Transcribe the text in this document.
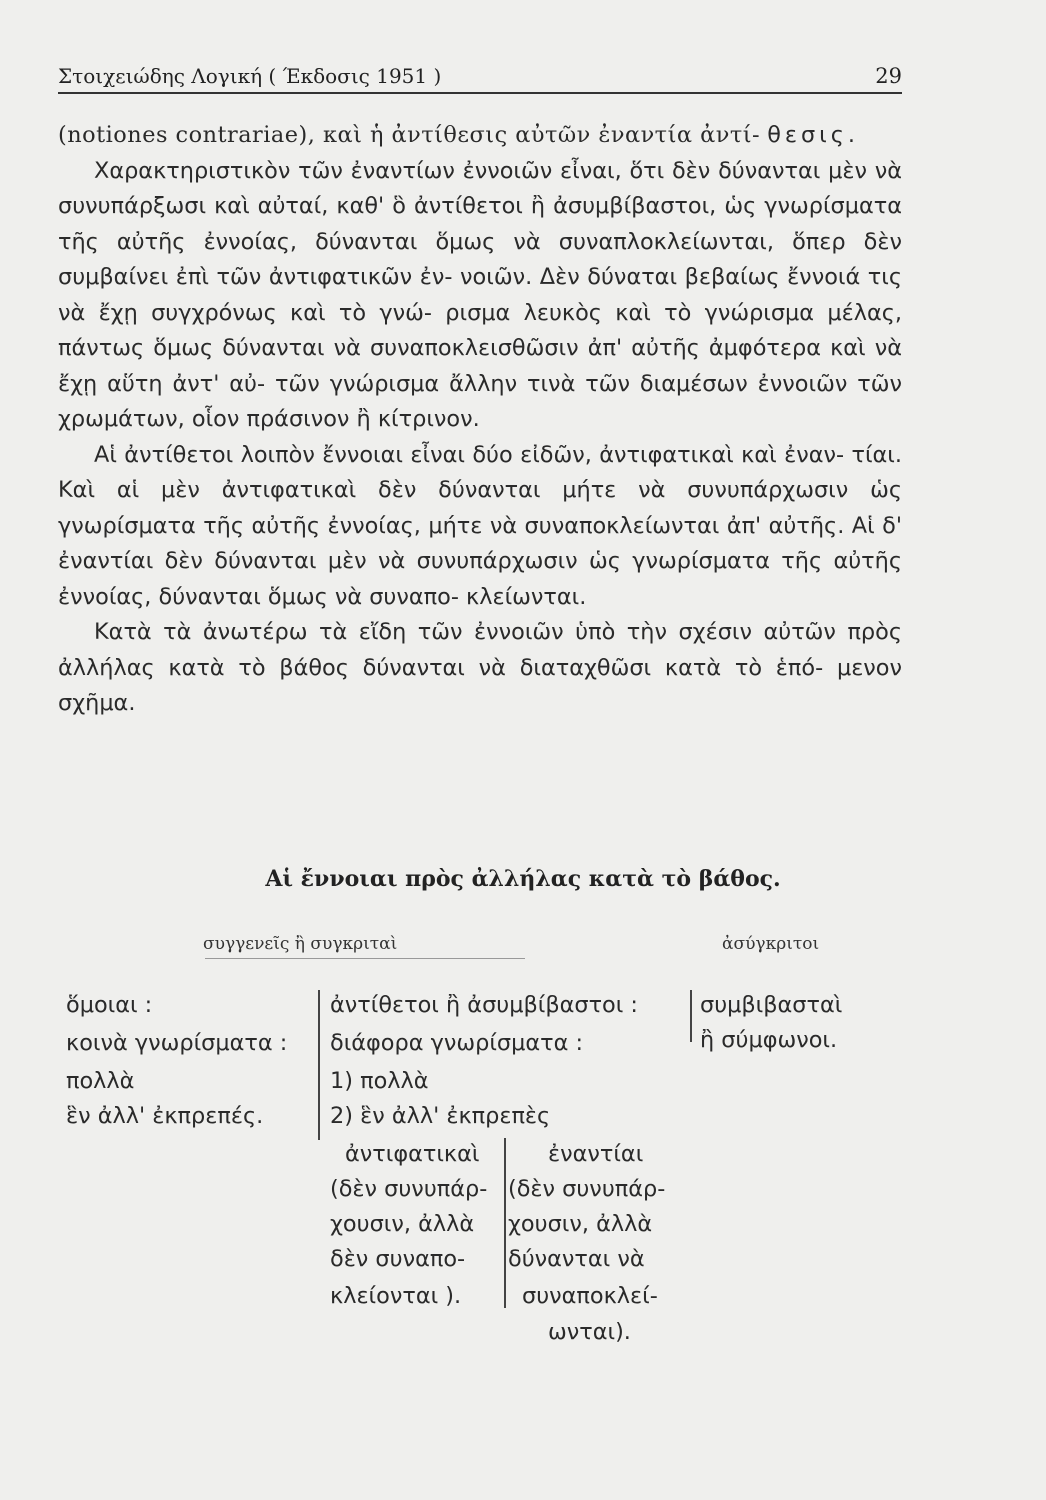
Στοιχειώδης Λογική ( Έκδοσις 1951 )	29

(notiones contrariae), καὶ ἡ ἀντίθεσις αὐτῶν ἐναντία ἀντί- θεσις.

Χαρακτηριστικὸν τῶν ἐναντίων ἐννοιῶν εἶναι, ὅτι δὲν δύνανται μὲν νὰ συνυπάρξωσι καὶ αὐταί, καθ' ὃ ἀντίθετοι ἢ ἀσυμβίβαστοι, ὡς γνωρίσματα τῆς αὐτῆς ἐννοίας, δύνανται ὅμως νὰ συναπλοκλείωνται, ὅπερ δὲν συμβαίνει ἐπὶ τῶν ἀντιφατικῶν ἐν- νοιῶν. Δὲν δύναται βεβαίως ἔννοιά τις νὰ ἔχῃ συγχρόνως καὶ τὸ γνώ- ρισμα λευκὸς καὶ τὸ γνώρισμα μέλας, πάντως ὅμως δύνανται νὰ συναποκλεισθῶσιν ἀπ' αὐτῆς ἀμφότερα καὶ νὰ ἔχῃ αὕτη ἀντ' αὐ- τῶν γνώρισμα ἄλλην τινὰ τῶν διαμέσων ἐννοιῶν τῶν χρωμάτων, οἷον πράσινον ἢ κίτρινον.

Αἱ ἀντίθετοι λοιπὸν ἔννοιαι εἶναι δύο εἰδῶν, ἀντιφατικαὶ καὶ ἐναν- τίαι. Καὶ αἱ μὲν ἀντιφατικαὶ δὲν δύνανται μήτε νὰ συνυπάρχωσιν ὡς γνωρίσματα τῆς αὐτῆς ἐννοίας, μήτε νὰ συναποκλείωνται ἀπ' αὐτῆς. Αἱ δ' ἐναντίαι δὲν δύνανται μὲν νὰ συνυπάρχωσιν ὡς γνωρίσματα τῆς αὐτῆς ἐννοίας, δύνανται ὅμως νὰ συναπο- κλείωνται.

Κατὰ τὰ ἀνωτέρω τὰ εἴδη τῶν ἐννοιῶν ὑπὸ τὴν σχέσιν αὐτῶν πρὸς ἀλλήλας κατὰ τὸ βάθος δύνανται νὰ διαταχθῶσι κατὰ τὸ ἑπό- μενον σχῆμα.

Αἱ ἔννοιαι πρὸς ἀλλήλας κατὰ τὸ βάθος.
συγγενεῖς ἢ συγκριταὶ	ἀσύγκριτοι
ὅμοιαι :
κοινὰ γνωρίσματα :
πολλὰ
ἓν ἀλλ' ἐκπρεπές.
ἀντίθετοι ἢ ἀσυμβίβαστοι :
διάφορα γνωρίσματα :
1) πολλὰ
2) ἓν ἀλλ' ἐκπρεπὲς
συμβιβασταὶ
ἢ σύμφωνοι.
ἀντιφατικαὶ
(δὲν συνυπάρ-
χουσιν, ἀλλὰ
δὲν συναπο-
κλείονται ).
ἐναντίαι
(δὲν συνυπάρ-
χουσιν, ἀλλὰ
δύνανται νὰ
συναποκλεί-
ωνται).
